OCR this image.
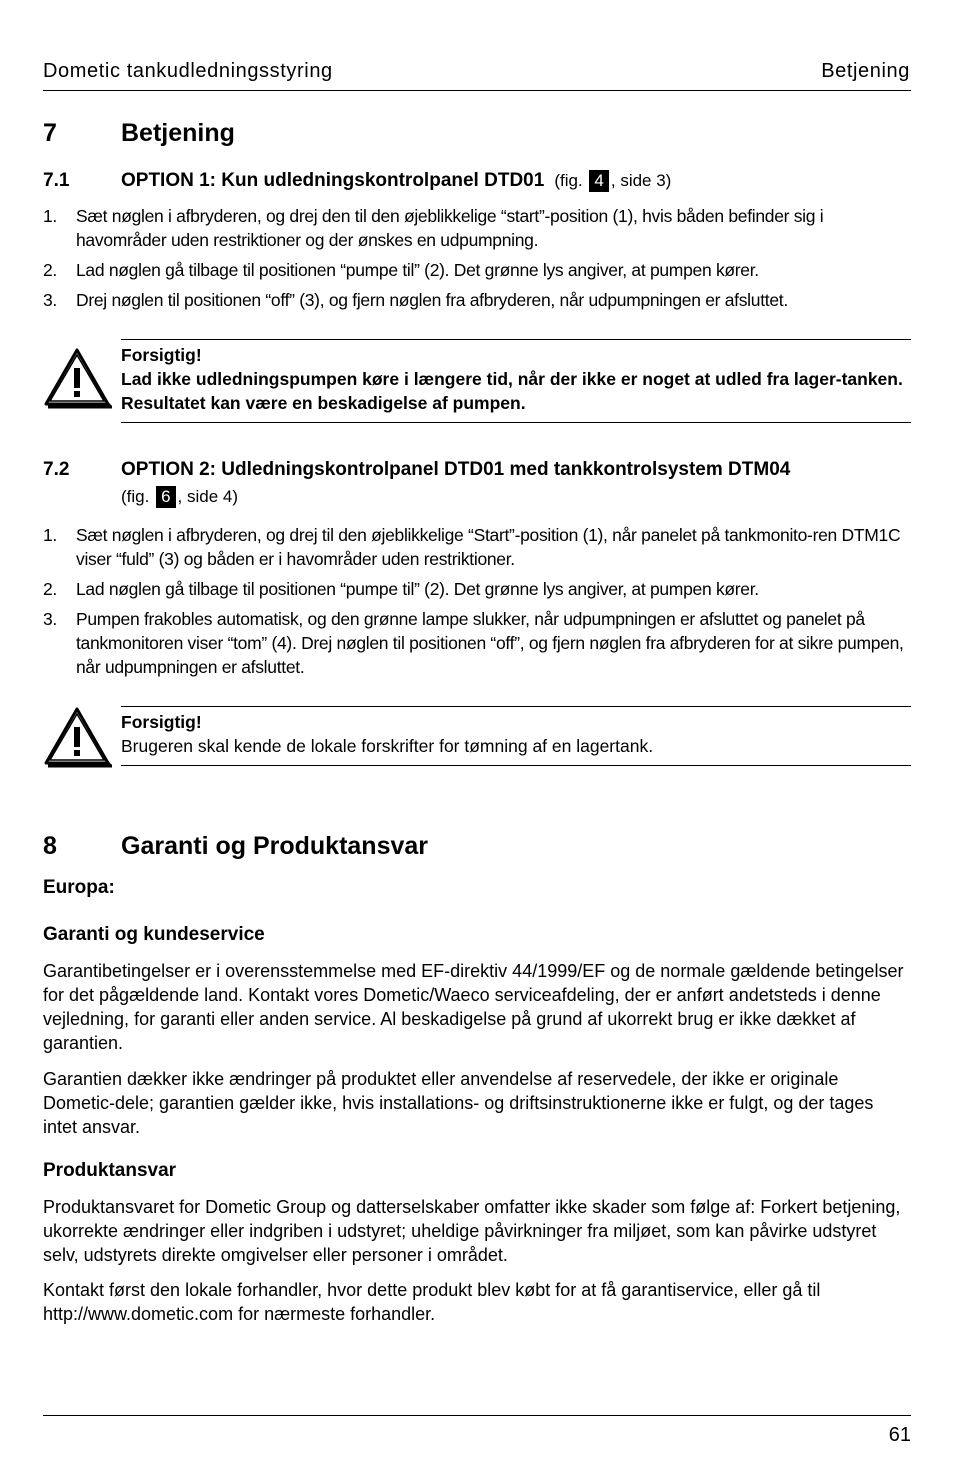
Dometic tankudledningsstyring	Betjening
7	Betjening
7.1	OPTION 1: Kun udledningskontrolpanel DTD01 (fig. 4 , side 3)
1. Sæt nøglen i afbryderen, og drej den til den øjeblikkelige “start”-position (1), hvis båden befinder sig i havområder uden restriktioner og der ønskes en udpumpning.
2. Lad nøglen gå tilbage til positionen “pumpe til” (2). Det grønne lys angiver, at pumpen kører.
3. Drej nøglen til positionen “off” (3), og fjern nøglen fra afbryderen, når udpumpningen er afsluttet.
Forsigtig!
Lad ikke udledningspumpen køre i længere tid, når der ikke er noget at udled fra lager-tanken. Resultatet kan være en beskadigelse af pumpen.
7.2	OPTION 2: Udledningskontrolpanel DTD01 med tankkontrolsystem DTM04
(fig. 6 , side 4)
1. Sæt nøglen i afbryderen, og drej til den øjeblikkelige “Start”-position (1), når panelet på tankmonito-ren DTM1C viser “fuld” (3) og båden er i havområder uden restriktioner.
2. Lad nøglen gå tilbage til positionen “pumpe til” (2). Det grønne lys angiver, at pumpen kører.
3. Pumpen frakobles automatisk, og den grønne lampe slukker, når udpumpningen er afsluttet og panelet på tankmonitoren viser “tom” (4). Drej nøglen til positionen “off”, og fjern nøglen fra afbryderen for at sikre pumpen, når udpumpningen er afsluttet.
Forsigtig!
Brugeren skal kende de lokale forskrifter for tømning af en lagertank.
8	Garanti og Produktansvar
Europa:
Garanti og kundeservice
Garantibetingelser er i overensstemmelse med EF-direktiv 44/1999/EF og de normale gældende betingelser for det pågældende land. Kontakt vores Dometic/Waeco serviceafdeling, der er anført andetsteds i denne vejledning, for garanti eller anden service. Al beskadigelse på grund af ukorrekt brug er ikke dækket af garantien.
Garantien dækker ikke ændringer på produktet eller anvendelse af reservedele, der ikke er originale Dometic-dele; garantien gælder ikke, hvis installations- og driftsinstruktionerne ikke er fulgt, og der tages intet ansvar.
Produktansvar
Produktansvaret for Dometic Group og datterselskaber omfatter ikke skader som følge af: Forkert betjening, ukorrekte ændringer eller indgriben i udstyret; uheldige påvirkninger fra miljøet, som kan påvirke udstyret selv, udstyrets direkte omgivelser eller personer i området.
Kontakt først den lokale forhandler, hvor dette produkt blev købt for at få garantiservice, eller gå til http://www.dometic.com for nærmeste forhandler.
61
